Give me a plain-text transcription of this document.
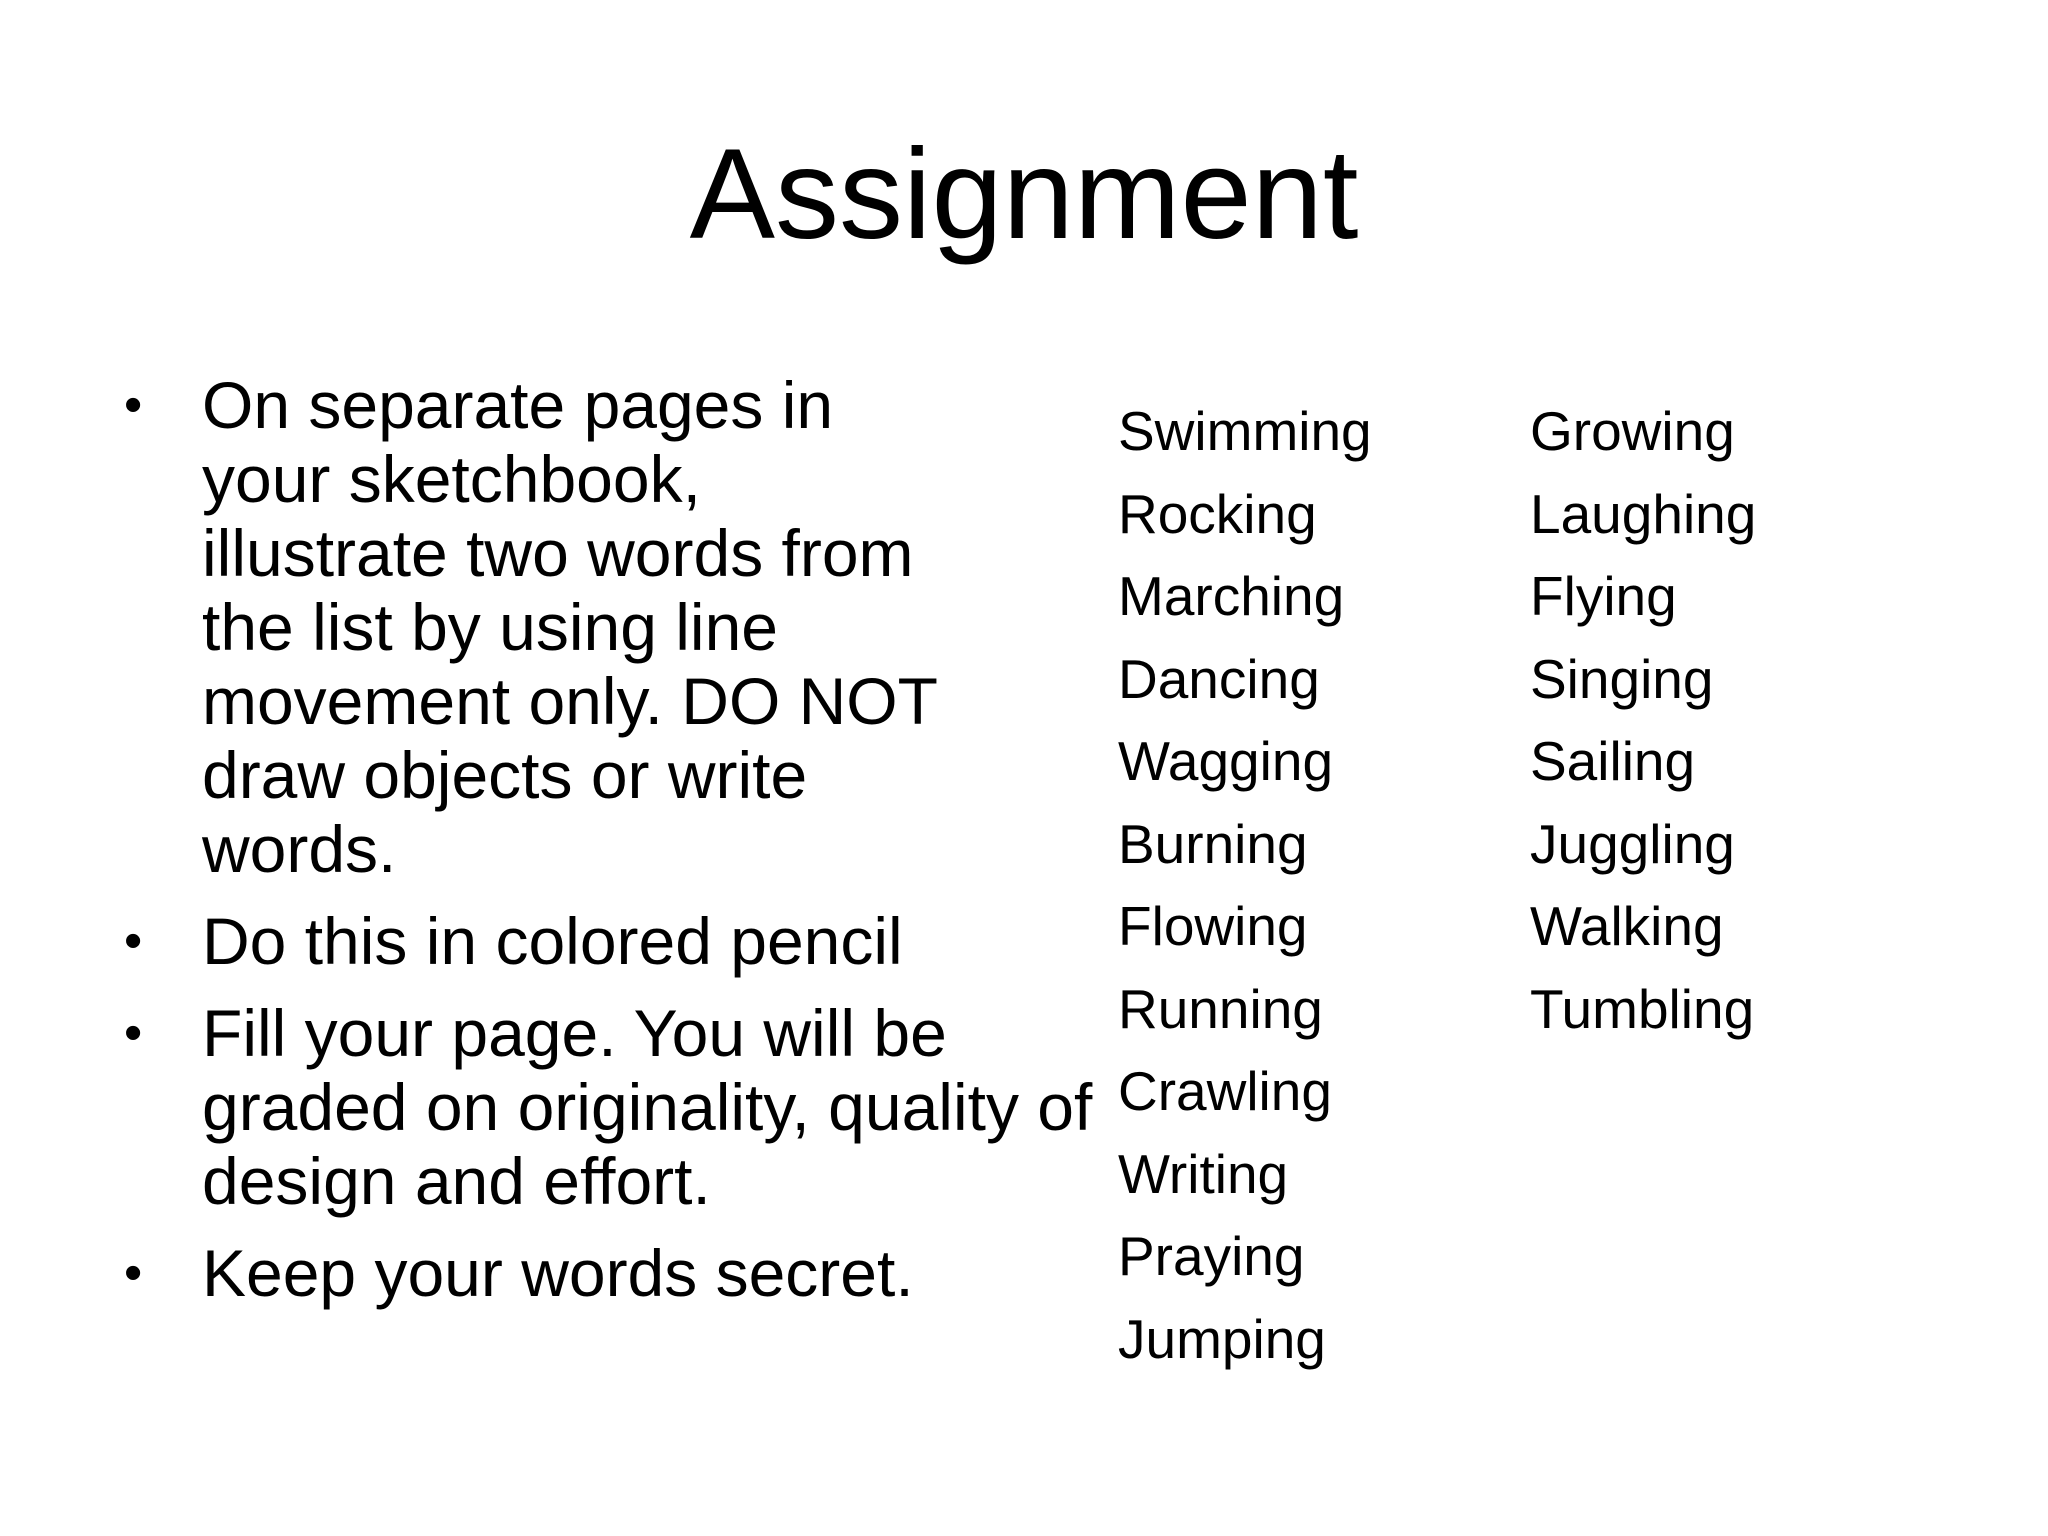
Assignment
• On separate pages in your sketchbook, illustrate two words from the list by using line movement only. DO NOT draw objects or write words.
• Do this in colored pencil
• Fill your page. You will be graded on originality, quality of design and effort.
• Keep your words secret.
Swimming
Rocking
Marching
Dancing
Wagging
Burning
Flowing
Running
Crawling
Writing
Praying
Jumping
Growing
Laughing
Flying
Singing
Sailing
Juggling
Walking
Tumbling
